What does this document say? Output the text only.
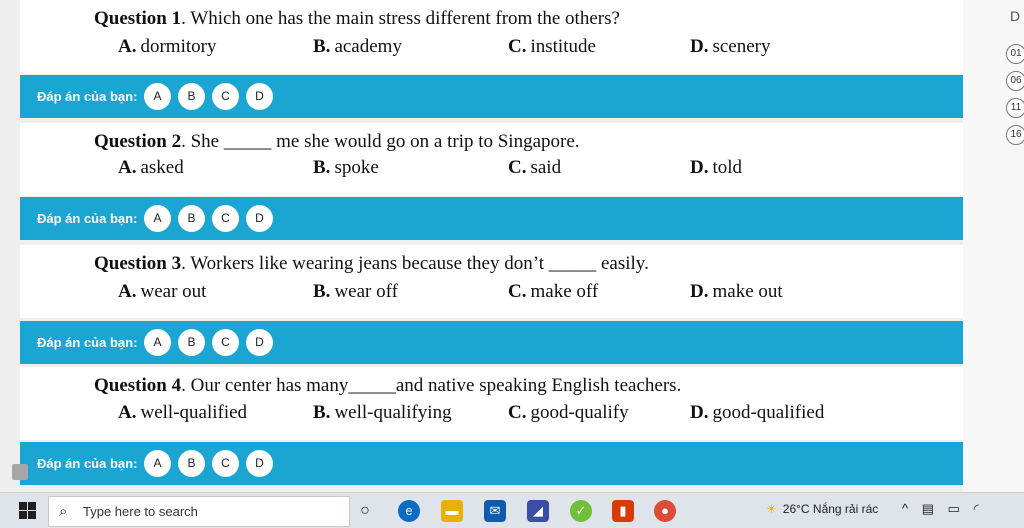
Question 1. Which one has the main stress different from the others?
A. dormitory	B. academy	C. institude	D. scenery
Đáp án của bạn:	A	B	C	D
Question 2. She _____ me she would go on a trip to Singapore.
A. asked	B. spoke	C. said	D. told
Đáp án của bạn:	A	B	C	D
Question 3. Workers like wearing jeans because they don’t _____ easily.
A. wear out	B. wear off	C. make off	D. make out
Đáp án của bạn:	A	B	C	D
Question 4. Our center has many_____and native speaking English teachers.
A. well-qualified	B. well-qualifying	C. good-qualify	D. good-qualified
Đáp án của bạn:	A	B	C	D
D
01
06
11
16
⌕ Type here to search	○	e	▬	✉	◢	✓	▮	●	☀ 26°C Nắng rải rác ^ ▤ ▭ ◜
